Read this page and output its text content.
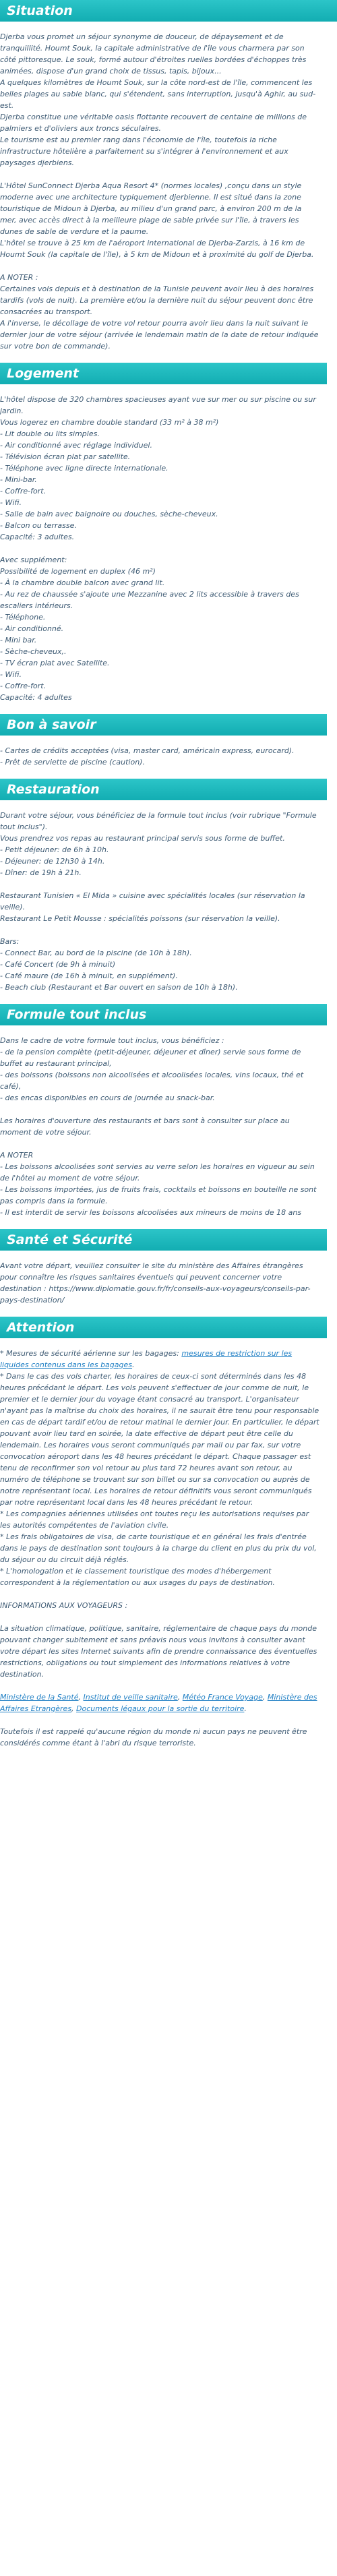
Situation

Djerba vous promet un séjour synonyme de douceur, de dépaysement et de tranquillité. Houmt Souk, la capitale administrative de l'île vous charmera par son côté pittoresque. Le souk, formé autour d'étroites ruelles bordées d'échoppes très animées, dispose d'un grand choix de tissus, tapis, bijoux...

A quelques kilomètres de Houmt Souk, sur la côte nord-est de l'île, commencent les belles plages au sable blanc, qui s'étendent, sans interruption, jusqu'à Aghir, au sud-est.

Djerba constitue une véritable oasis flottante recouvert de centaine de millions de palmiers et d'oliviers aux troncs séculaires.

Le tourisme est au premier rang dans l'économie de l'île, toutefois la riche infrastructure hôtelière a parfaitement su s'intégrer à l'environnement et aux paysages djerbiens.

L'Hôtel SunConnect Djerba Aqua Resort 4* (normes locales) ,conçu dans un style moderne avec une architecture typiquement djerbienne. Il est situé dans la zone touristique de Midoun à Djerba, au milieu d'un grand parc, à environ 200 m de la mer, avec accès direct à la meilleure plage de sable privée sur l'île, à travers les dunes de sable de verdure et la paume.

L'hôtel se trouve à 25 km de l'aéroport international de Djerba-Zarzis, à 16 km de Houmt Souk (la capitale de l'île), à 5 km de Midoun et à proximité du golf de Djerba.

A NOTER :

Certaines vols depuis et à destination de la Tunisie peuvent avoir lieu à des horaires tardifs (vols de nuit). La première et/ou la dernière nuit du séjour peuvent donc être consacrées au transport.

A l'inverse, le décollage de votre vol retour pourra avoir lieu dans la nuit suivant le dernier jour de votre séjour (arrivée le lendemain matin de la date de retour indiquée sur votre bon de commande).

Logement

L'hôtel dispose de 320 chambres spacieuses ayant vue sur mer ou sur piscine ou sur jardin.

Vous logerez en chambre double standard (33 m² à 38 m²)

- Lit double ou lits simples.

- Air conditionné avec réglage individuel.

- Télévision écran plat par satellite.

- Téléphone avec ligne directe internationale.

- Mini-bar.

- Coffre-fort.

- Wifi.

- Salle de bain avec baignoire ou douches, sèche-cheveux.

- Balcon ou terrasse.

Capacité: 3 adultes.

Avec supplément:

Possibilité de logement en duplex (46 m²)

- À la chambre double balcon avec grand lit.

- Au rez de chaussée s'ajoute une Mezzanine avec 2 lits accessible à travers des escaliers intérieurs.

- Téléphone.

- Air conditionné.

- Mini bar.

- Sèche-cheveux,.

- TV écran plat avec Satellite.

- Wifi.

- Coffre-fort.

Capacité: 4 adultes

Bon à savoir

- Cartes de crédits acceptées (visa, master card, américain express, eurocard).

- Prêt de serviette de piscine (caution).

Restauration

Durant votre séjour, vous bénéficiez de la formule tout inclus (voir rubrique "Formule tout inclus").

Vous prendrez vos repas au restaurant principal servis sous forme de buffet.

- Petit déjeuner: de 6h à 10h.

- Déjeuner: de 12h30 à 14h.

- Dîner: de 19h à 21h.

Restaurant Tunisien « El Mida » cuisine avec spécialités locales (sur réservation la veille).

Restaurant Le Petit Mousse : spécialités poissons (sur réservation la veille).

Bars:

- Connect Bar, au bord de la piscine (de 10h à 18h).

- Café Concert (de 9h à minuit)

- Café maure (de 16h à minuit, en supplément).

- Beach club (Restaurant et Bar ouvert en saison de 10h à 18h).

Formule tout inclus

Dans le cadre de votre formule tout inclus, vous bénéficiez :

- de la pension complète (petit-déjeuner, déjeuner et dîner) servie sous forme de buffet au restaurant principal,

- des boissons (boissons non alcoolisées et alcoolisées locales, vins locaux, thé et café),

- des encas disponibles en cours de journée au snack-bar.

Les horaires d'ouverture des restaurants et bars sont à consulter sur place au moment de votre séjour.

A NOTER

- Les boissons alcoolisées sont servies au verre selon les horaires en vigueur au sein de l'hôtel au moment de votre séjour.

- Les boissons importées, jus de fruits frais, cocktails et boissons en bouteille ne sont pas compris dans la formule.

- Il est interdit de servir les boissons alcoolisées aux mineurs de moins de 18 ans

Santé et Sécurité

Avant votre départ, veuillez consulter le site du ministère des Affaires étrangères pour connaître les risques sanitaires éventuels qui peuvent concerner votre destination : https://www.diplomatie.gouv.fr/fr/conseils-aux-voyageurs/conseils-par-pays-destination/

Attention

* Mesures de sécurité aérienne sur les bagages: mesures de restriction sur les liquides contenus dans les bagages.

* Dans le cas des vols charter, les horaires de ceux-ci sont déterminés dans les 48 heures précédant le départ. Les vols peuvent s'effectuer de jour comme de nuit, le premier et le dernier jour du voyage étant consacré au transport. L'organisateur n'ayant pas la maîtrise du choix des horaires, il ne saurait être tenu pour responsable en cas de départ tardif et/ou de retour matinal le dernier jour. En particulier, le départ pouvant avoir lieu tard en soirée, la date effective de départ peut être celle du lendemain. Les horaires vous seront communiqués par mail ou par fax, sur votre convocation aéroport dans les 48 heures précédant le départ. Chaque passager est tenu de reconfirmer son vol retour au plus tard 72 heures avant son retour, au numéro de téléphone se trouvant sur son billet ou sur sa convocation ou auprès de notre représentant local. Les horaires de retour définitifs vous seront communiqués par notre représentant local dans les 48 heures précédant le retour.

* Les compagnies aériennes utilisées ont toutes reçu les autorisations requises par les autorités compétentes de l'aviation civile.

* Les frais obligatoires de visa, de carte touristique et en général les frais d'entrée dans le pays de destination sont toujours à la charge du client en plus du prix du vol, du séjour ou du circuit déjà réglés.

* L'homologation et le classement touristique des modes d'hébergement correspondent à la réglementation ou aux usages du pays de destination.

INFORMATIONS AUX VOYAGEURS :

La situation climatique, politique, sanitaire, réglementaire de chaque pays du monde pouvant changer subitement et sans préavis nous vous invitons à consulter avant votre départ les sites Internet suivants afin de prendre connaissance des éventuelles restrictions, obligations ou tout simplement des informations relatives à votre destination.

Ministère de la Santé, Institut de veille sanitaire, Météo France Voyage, Ministère des Affaires Etrangères, Documents légaux pour la sortie du territoire.

Toutefois il est rappelé qu'aucune région du monde ni aucun pays ne peuvent être considérés comme étant à l'abri du risque terroriste.
